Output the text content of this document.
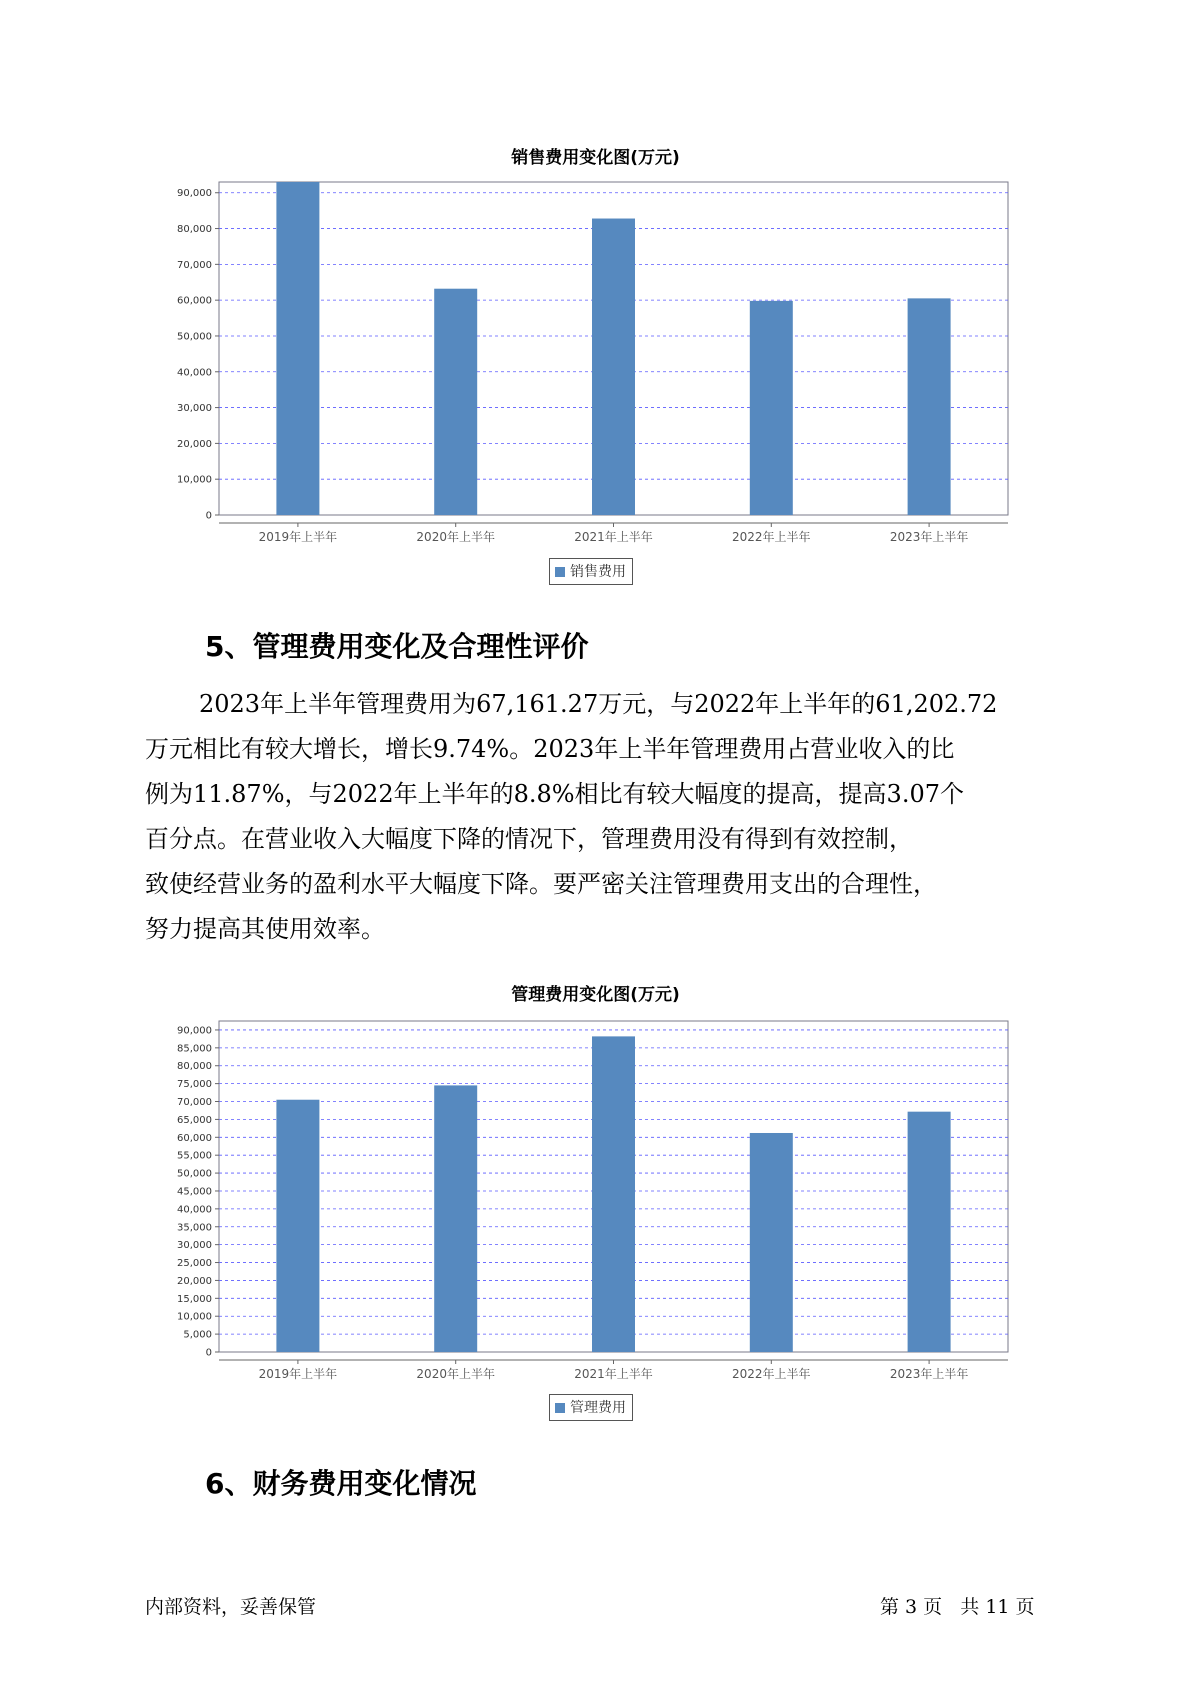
销售费用变化图(万元)
0
10,000
20,000
30,000
40,000
50,000
60,000
70,000
80,000
90,000
2019年上半年	2020年上半年	2021年上半年	2022年上半年	2023年上半年
销售费用
5、管理费用变化及合理性评价
2023年上半年管理费用为67,161.27万元，与2022年上半年的61,202.72
万元相比有较大增长，增长9.74%。2023年上半年管理费用占营业收入的比
例为11.87%，与2022年上半年的8.8%相比有较大幅度的提高，提高3.07个
百分点。在营业收入大幅度下降的情况下，管理费用没有得到有效控制，
致使经营业务的盈利水平大幅度下降。要严密关注管理费用支出的合理性，
努力提高其使用效率。
管理费用变化图(万元)
0
5,000
10,000
15,000
20,000
25,000
30,000
35,000
40,000
45,000
50,000
55,000
60,000
65,000
70,000
75,000
80,000
85,000
90,000
2019年上半年	2020年上半年	2021年上半年	2022年上半年	2023年上半年
管理费用
6、财务费用变化情况
内部资料，妥善保管	第 3 页   共 11 页
